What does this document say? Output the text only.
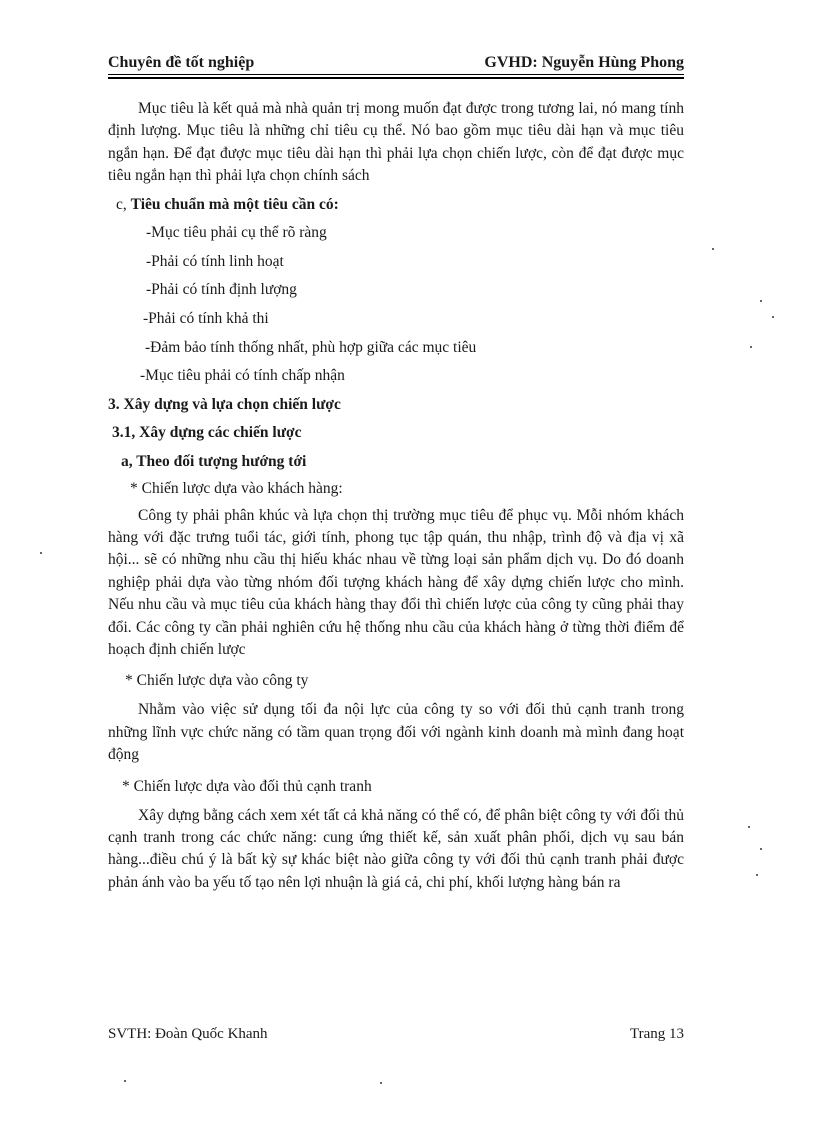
Chuyên đề tốt nghiệp	GVHD: Nguyễn Hùng Phong

Mục tiêu là kết quả mà nhà quản trị mong muốn đạt được trong tương lai, nó mang tính định lượng. Mục tiêu là những chỉ tiêu cụ thể. Nó bao gồm mục tiêu dài hạn và mục tiêu ngắn hạn. Để đạt được mục tiêu dài hạn thì phải lựa chọn chiến lược, còn để đạt được mục tiêu ngắn hạn thì phải lựa chọn chính sách

c, Tiêu chuẩn mà một tiêu cần có:

-Mục tiêu phải cụ thể rõ ràng

-Phải có tính linh hoạt

-Phải có tính định lượng

-Phải có tính khả thi

-Đảm bảo tính thống nhất, phù hợp giữa các mục tiêu

-Mục tiêu phải có tính chấp nhận

3. Xây dựng và lựa chọn chiến lược

3.1, Xây dựng các chiến lược

a, Theo đối tượng hướng tới

* Chiến lược dựa vào khách hàng:

Công ty phải phân khúc và lựa chọn thị trường mục tiêu để phục vụ. Mỗi nhóm khách hàng với đặc trưng tuổi tác, giới tính, phong tục tập quán, thu nhập, trình độ và địa vị xã hội... sẽ có những nhu cầu thị hiếu khác nhau về từng loại sản phẩm dịch vụ. Do đó doanh nghiệp phải dựa vào từng nhóm đối tượng khách hàng để xây dựng chiến lược cho mình. Nếu nhu cầu và mục tiêu của khách hàng thay đổi thì chiến lược của công ty cũng phải thay đổi. Các công ty cần phải nghiên cứu hệ thống nhu cầu của khách hàng ở từng thời điểm để hoạch định chiến lược

* Chiến lược dựa vào công ty

Nhằm vào việc sử dụng tối đa nội lực của công ty so với đối thủ cạnh tranh trong những lĩnh vực chức năng có tầm quan trọng đối với ngành kinh doanh mà mình đang hoạt động

* Chiến lược dựa vào đối thủ cạnh tranh

Xây dựng bằng cách xem xét tất cả khả năng có thể có, để phân biệt công ty với đối thủ cạnh tranh trong các chức năng: cung ứng thiết kế, sản xuất phân phối, dịch vụ sau bán hàng...điều chú ý là bất kỳ sự khác biệt nào giữa công ty với đối thủ cạnh tranh phải được phản ánh vào ba yếu tố tạo nên lợi nhuận là giá cả, chi phí, khối lượng hàng bán ra

SVTH: Đoàn Quốc Khanh	Trang 13
